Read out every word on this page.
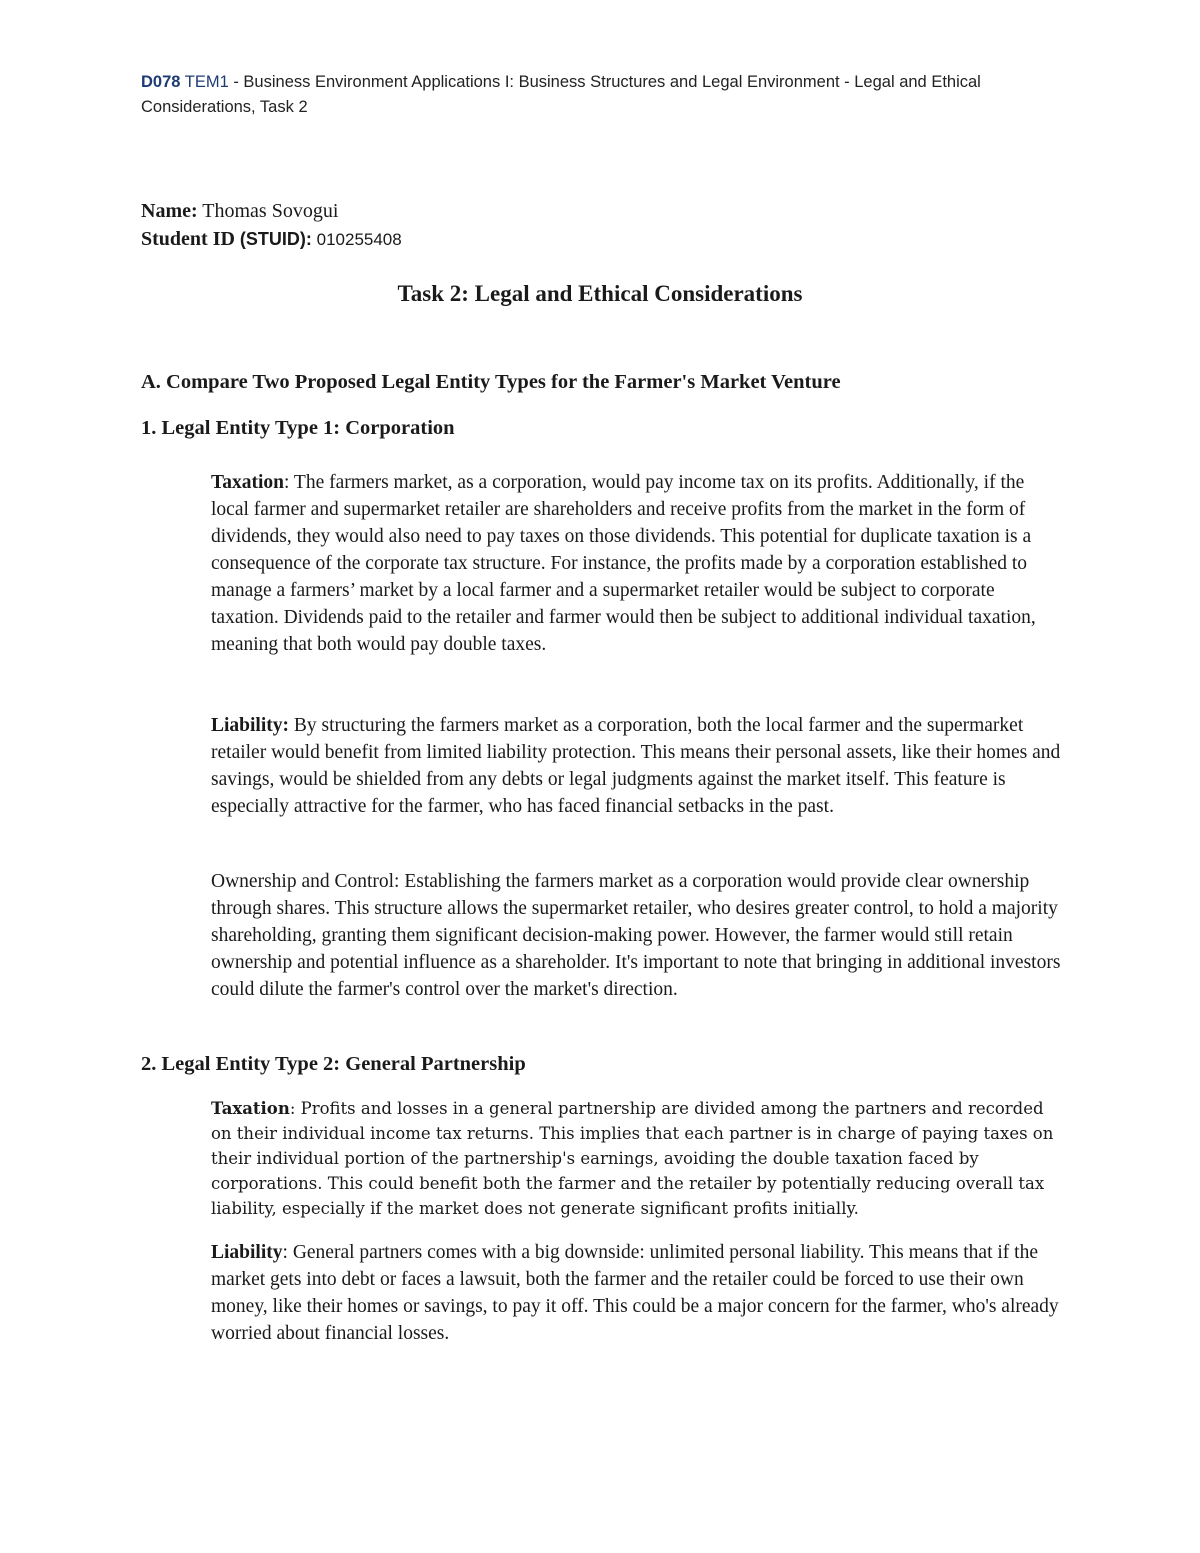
D078 TEM1 - Business Environment Applications I: Business Structures and Legal Environment - Legal and Ethical Considerations, Task 2
Name: Thomas Sovogui
Student ID (STUID): 010255408
Task 2: Legal and Ethical Considerations
A. Compare Two Proposed Legal Entity Types for the Farmer's Market Venture
1. Legal Entity Type 1: Corporation
Taxation: The farmers market, as a corporation, would pay income tax on its profits. Additionally, if the local farmer and supermarket retailer are shareholders and receive profits from the market in the form of dividends, they would also need to pay taxes on those dividends. This potential for duplicate taxation is a consequence of the corporate tax structure. For instance, the profits made by a corporation established to manage a farmers’ market by a local farmer and a supermarket retailer would be subject to corporate taxation. Dividends paid to the retailer and farmer would then be subject to additional individual taxation, meaning that both would pay double taxes.
Liability: By structuring the farmers market as a corporation, both the local farmer and the supermarket retailer would benefit from limited liability protection. This means their personal assets, like their homes and savings, would be shielded from any debts or legal judgments against the market itself. This feature is especially attractive for the farmer, who has faced financial setbacks in the past.
Ownership and Control: Establishing the farmers market as a corporation would provide clear ownership through shares. This structure allows the supermarket retailer, who desires greater control, to hold a majority shareholding, granting them significant decision-making power. However, the farmer would still retain ownership and potential influence as a shareholder. It's important to note that bringing in additional investors could dilute the farmer's control over the market's direction.
2. Legal Entity Type 2: General Partnership
Taxation: Profits and losses in a general partnership are divided among the partners and recorded on their individual income tax returns. This implies that each partner is in charge of paying taxes on their individual portion of the partnership's earnings, avoiding the double taxation faced by corporations. This could benefit both the farmer and the retailer by potentially reducing overall tax liability, especially if the market does not generate significant profits initially.
Liability: General partners comes with a big downside: unlimited personal liability. This means that if the market gets into debt or faces a lawsuit, both the farmer and the retailer could be forced to use their own money, like their homes or savings, to pay it off. This could be a major concern for the farmer, who's already worried about financial losses.
